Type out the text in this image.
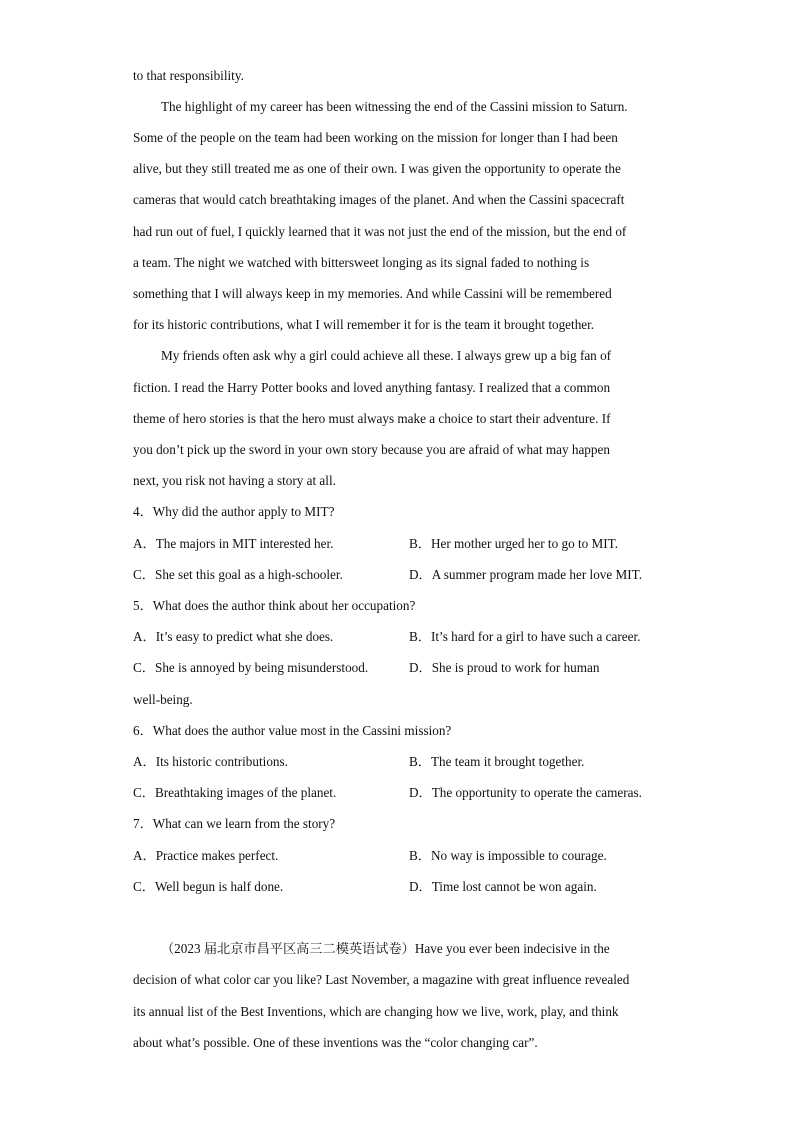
to that responsibility.
The highlight of my career has been witnessing the end of the Cassini mission to Saturn.
Some of the people on the team had been working on the mission for longer than I had been
alive, but they still treated me as one of their own. I was given the opportunity to operate the
cameras that would catch breathtaking images of the planet. And when the Cassini spacecraft
had run out of fuel, I quickly learned that it was not just the end of the mission, but the end of
a team. The night we watched with bittersweet longing as its signal faded to nothing is
something that I will always keep in my memories. And while Cassini will be remembered
for its historic contributions, what I will remember it for is the team it brought together.
My friends often ask why a girl could achieve all these. I always grew up a big fan of
fiction. I read the Harry Potter books and loved anything fantasy. I realized that a common
theme of hero stories is that the hero must always make a choice to start their adventure. If
you don’t pick up the sword in your own story because you are afraid of what may happen
next, you risk not having a story at all.
4．Why did the author apply to MIT?
A．The majors in MIT interested her.	B．Her mother urged her to go to MIT.
C．She set this goal as a high-schooler.	D．A summer program made her love MIT.
5．What does the author think about her occupation?
A．It’s easy to predict what she does.	B．It’s hard for a girl to have such a career.
C．She is annoyed by being misunderstood.	D．She is proud to work for human
well-being.
6．What does the author value most in the Cassini mission?
A．Its historic contributions.	B．The team it brought together.
C．Breathtaking images of the planet.	D．The opportunity to operate the cameras.
7．What can we learn from the story?
A．Practice makes perfect.	B．No way is impossible to courage.
C．Well begun is half done.	D．Time lost cannot be won again.
（2023 届北京市昌平区高三二模英语试卷）Have you ever been indecisive in the
decision of what color car you like? Last November, a magazine with great influence revealed
its annual list of the Best Inventions, which are changing how we live, work, play, and think
about what’s possible. One of these inventions was the “color changing car”.
